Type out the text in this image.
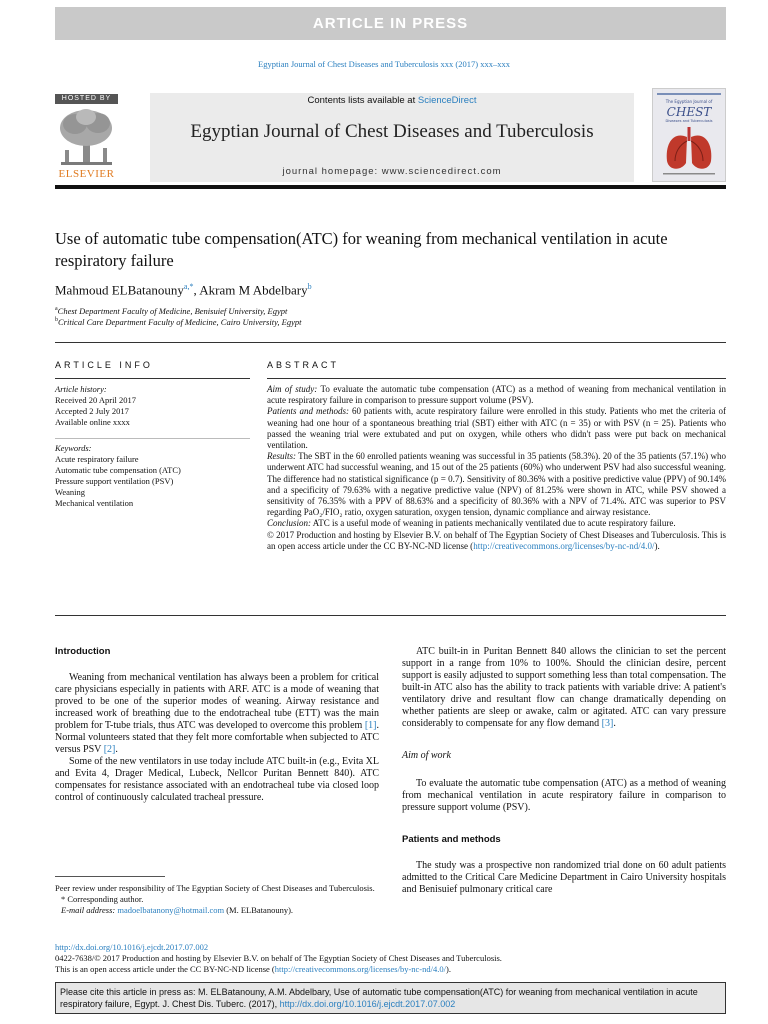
ARTICLE IN PRESS
Egyptian Journal of Chest Diseases and Tuberculosis xxx (2017) xxx–xxx
HOSTED BY
ELSEVIER
Contents lists available at ScienceDirect
Egyptian Journal of Chest Diseases and Tuberculosis
journal homepage: www.sciencedirect.com
The Egyptian Journal of
CHEST
Diseases and Tuberculosis
Use of automatic tube compensation(ATC) for weaning from mechanical ventilation in acute respiratory failure
Mahmoud ELBatanouny$^{a,*}$, Akram M Abdelbary$^b$
$^a$Chest Department Faculty of Medicine, Benisuief University, Egypt
$^b$Critical Care Department Faculty of Medicine, Cairo University, Egypt
ARTICLE INFO	ABSTRACT
Article history:
Received 20 April 2017
Accepted 2 July 2017
Available online xxxx
Keywords:
Acute respiratory failure
Automatic tube compensation (ATC)
Pressure support ventilation (PSV)
Weaning
Mechanical ventilation

Aim of study: To evaluate the automatic tube compensation (ATC) as a method of weaning from mechanical ventilation in acute respiratory failure in comparison to pressure support volume (PSV).

Patients and methods: 60 patients with, acute respiratory failure were enrolled in this study. Patients who met the criteria of weaning had one hour of a spontaneous breathing trial (SBT) either with ATC (n = 35) or with PSV (n = 25). Patients who passed the weaning trial were extubated and put on oxygen, while others who didn't pass were put back on mechanical ventilation.

Results: The SBT in the 60 enrolled patients weaning was successful in 35 patients (58.3%). 20 of the 35 patients (57.1%) who underwent ATC had successful weaning, and 15 out of the 25 patients (60%) who underwent PSV had also successful weaning. The difference had no statistical significance (p = 0.7). Sensitivity of 80.36% with a positive predictive value (PPV) of 90.14% and a specificity of 79.63% with a negative predictive value (NPV) of 81.25% were shown in ATC, while PSV showed a sensitivity of 76.35% with a PPV of 88.63% and a specificity of 80.36% with a NPV of 71.4%. ATC was superior to PSV regarding PaO₂/FIO₂ ratio, oxygen saturation, oxygen tension, dynamic compliance and airway resistance.

Conclusion: ATC is a useful mode of weaning in patients mechanically ventilated due to acute respiratory failure.

© 2017 Production and hosting by Elsevier B.V. on behalf of The Egyptian Society of Chest Diseases and Tuberculosis. This is an open access article under the CC BY-NC-ND license (http://creativecommons.org/licenses/by-nc-nd/4.0/).

Introduction

Weaning from mechanical ventilation has always been a problem for critical care physicians especially in patients with ARF. ATC is a mode of weaning that proved to be one of the superior modes of weaning. Airway resistance and increased work of breathing due to the endotracheal tube (ETT) was the main problem for T-tube trials, thus ATC was developed to overcome this problem [1]. Normal volunteers stated that they felt more comfortable when subjected to ATC versus PSV [2].

Some of the new ventilators in use today include ATC built-in (e.g., Evita XL and Evita 4, Drager Medical, Lubeck, Nellcor Puritan Bennett 840). ATC compensates for resistance associated with an endotracheal tube via closed loop control of continuously calculated tracheal pressure.

ATC built-in in Puritan Bennett 840 allows the clinician to set the percent support in a range from 10% to 100%. Should the clinician desire, percent support is easily adjusted to support something less than total compensation. The built-in ATC also has the ability to track patients with variable drive: A patient's ventilatory drive and resultant flow can change dramatically depending on whether patients are sleep or awake, calm or agitated. ATC can vary pressure considerably to compensate for any flow demand [3].

Aim of work

To evaluate the automatic tube compensation (ATC) as a method of weaning from mechanical ventilation in acute respiratory failure in comparison to pressure support volume (PSV).

Patients and methods

The study was a prospective non randomized trial done on 60 adult patients admitted to the Critical Care Medicine Department in Cairo University hospitals and Benisuief pulmonary critical care

Peer review under responsibility of The Egyptian Society of Chest Diseases and Tuberculosis.
* Corresponding author.
E-mail address: madoelbatanony@hotmail.com (M. ELBatanouny).
http://dx.doi.org/10.1016/j.ejcdt.2017.07.002
0422-7638/© 2017 Production and hosting by Elsevier B.V. on behalf of The Egyptian Society of Chest Diseases and Tuberculosis.
This is an open access article under the CC BY-NC-ND license (http://creativecommons.org/licenses/by-nc-nd/4.0/).
Please cite this article in press as: M. ELBatanouny, A.M. Abdelbary, Use of automatic tube compensation(ATC) for weaning from mechanical ventilation in acute respiratory failure, Egypt. J. Chest Dis. Tuberc. (2017), http://dx.doi.org/10.1016/j.ejcdt.2017.07.002
